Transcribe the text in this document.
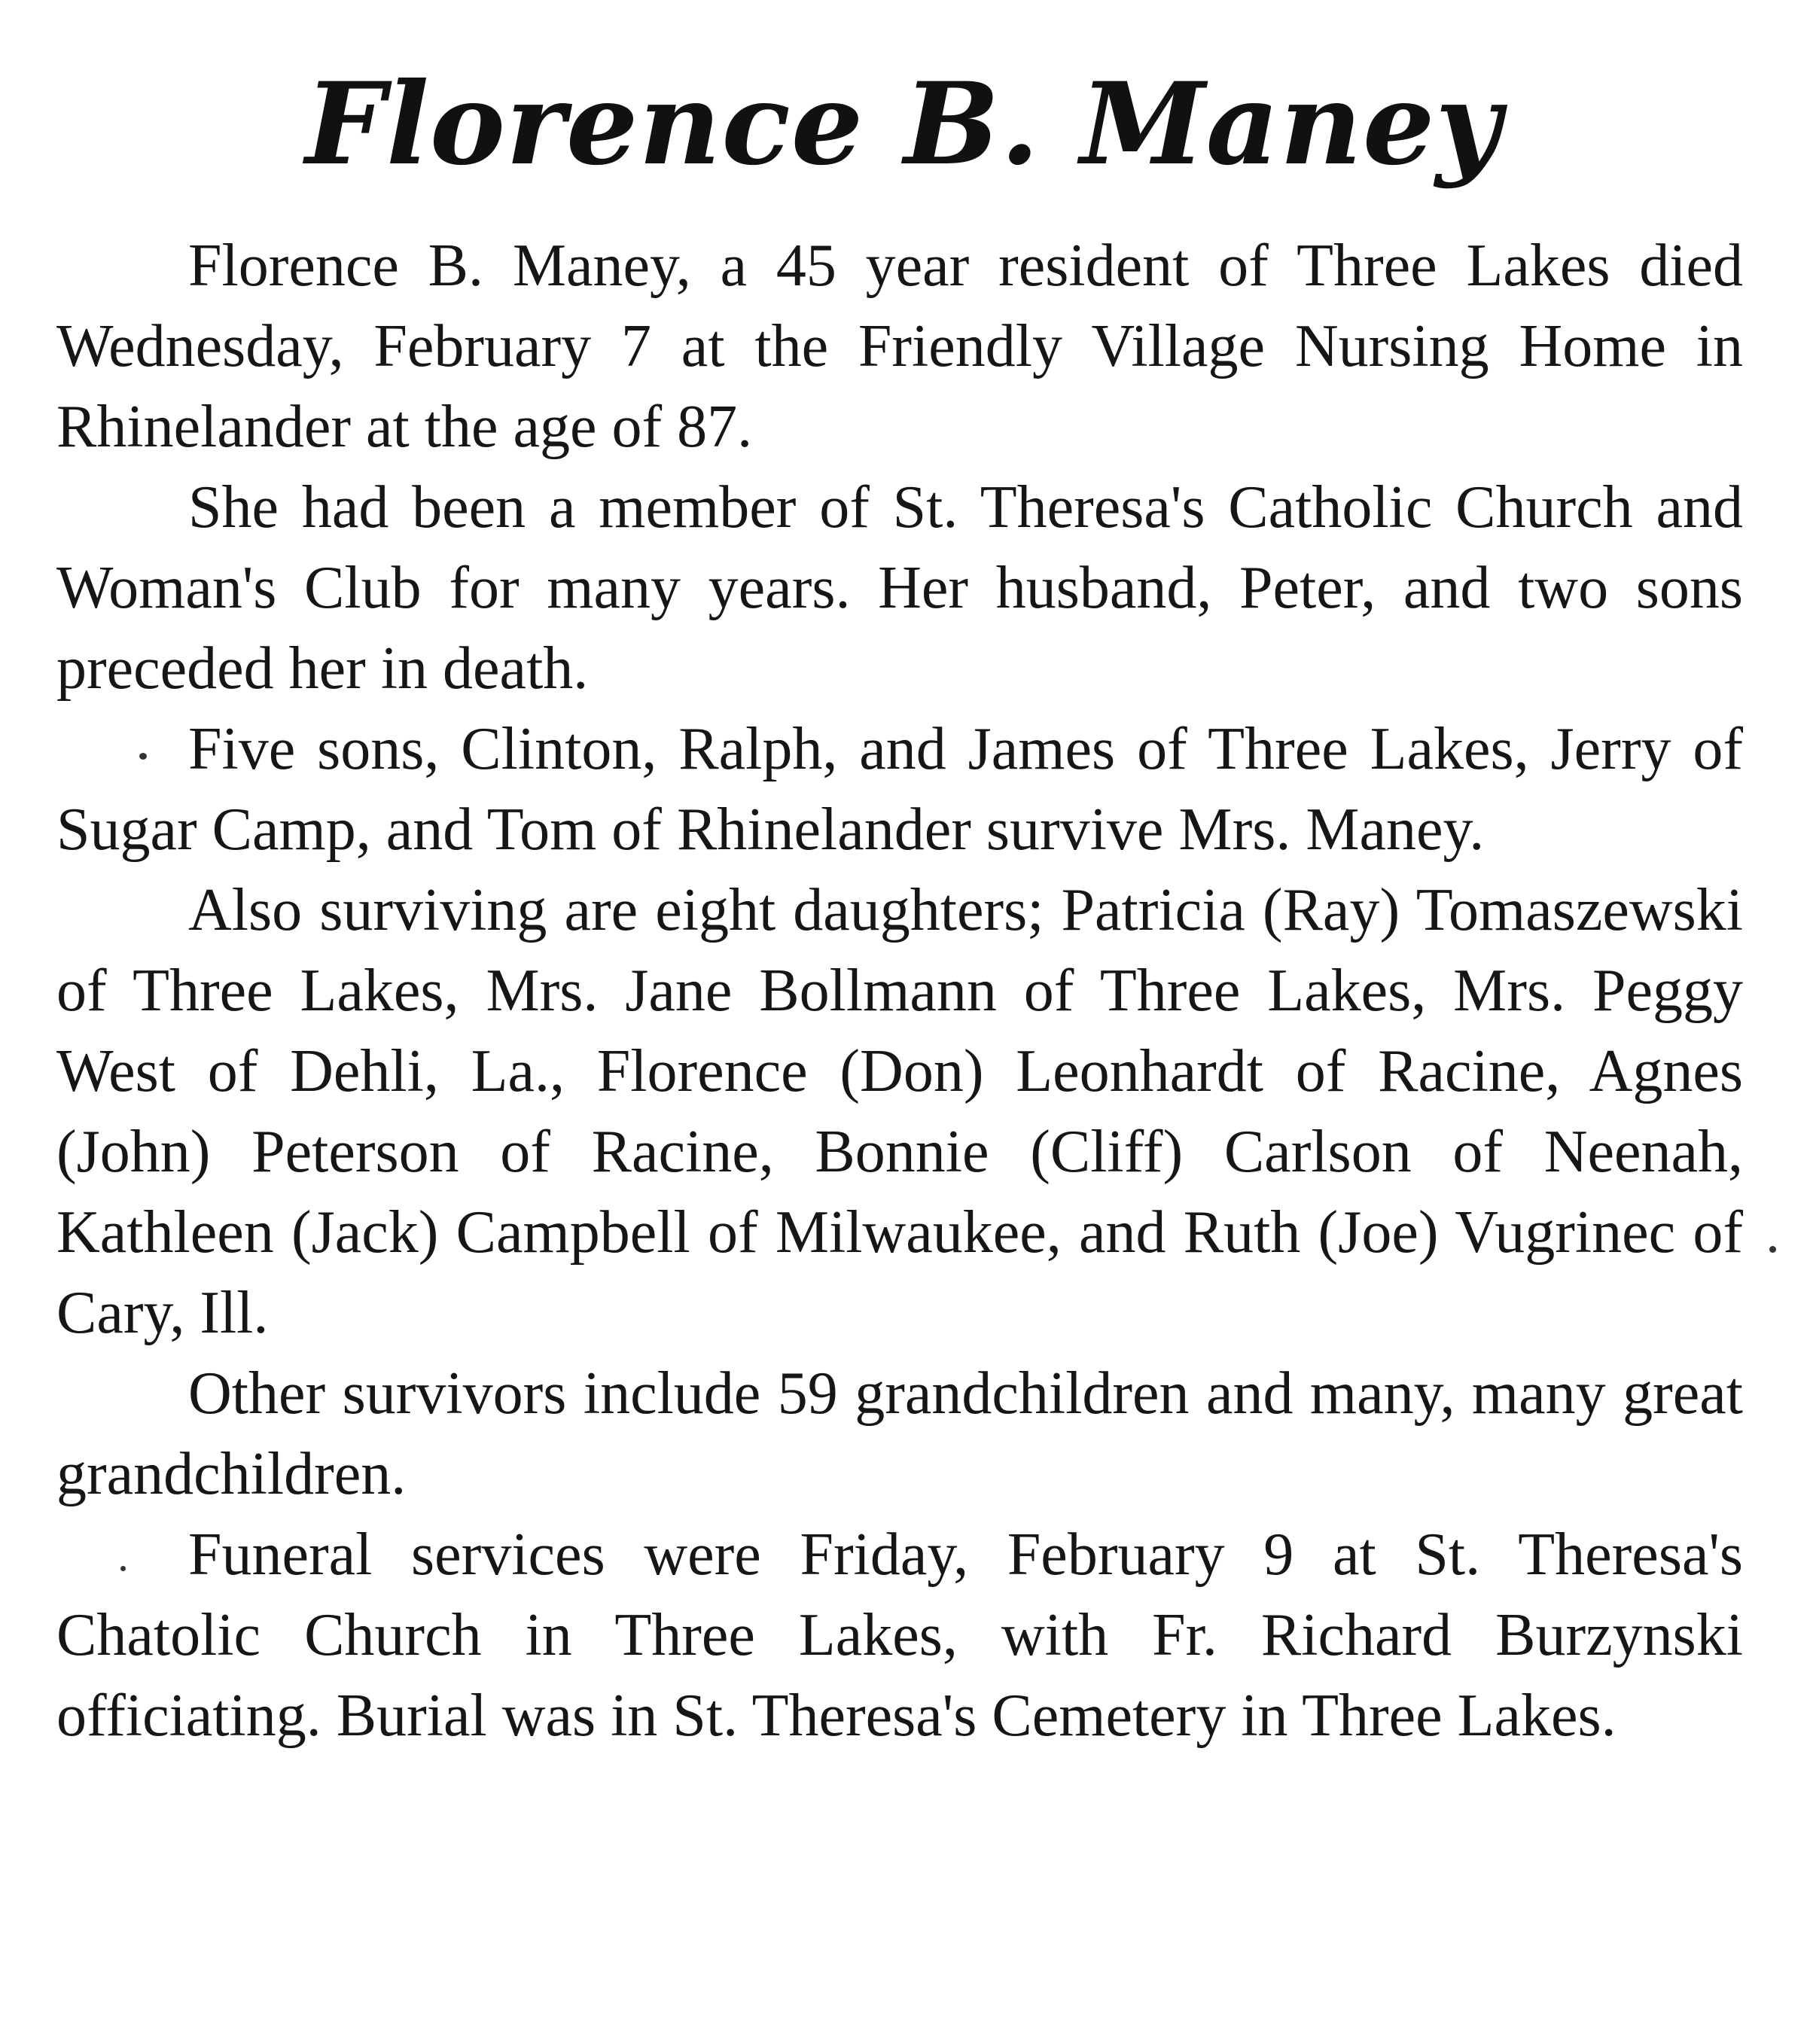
Florence B. Maney

Florence B. Maney, a 45 year resident of Three Lakes died Wednesday, February 7 at the Friendly Village Nursing Home in Rhinelander at the age of 87.

She had been a member of St. Theresa's Catholic Church and Woman's Club for many years. Her husband, Peter, and two sons preceded her in death.

Five sons, Clinton, Ralph, and James of Three Lakes, Jerry of Sugar Camp, and Tom of Rhinelander survive Mrs. Maney.

Also surviving are eight daughters; Patricia (Ray) Tomaszewski of Three Lakes, Mrs. Jane Bollmann of Three Lakes, Mrs. Peggy West of Dehli, La., Florence (Don) Leonhardt of Racine, Agnes (John) Peterson of Racine, Bonnie (Cliff) Carlson of Neenah, Kathleen (Jack) Campbell of Milwaukee, and Ruth (Joe) Vugrinec of Cary, Ill.

Other survivors include 59 grandchildren and many, many great grandchildren.

Funeral services were Friday, February 9 at St. Theresa's Chatolic Church in Three Lakes, with Fr. Richard Burzynski officiating. Burial was in St. Theresa's Cemetery in Three Lakes.
